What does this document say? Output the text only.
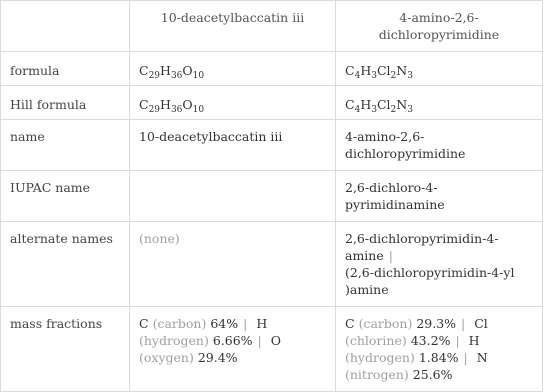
	10-deacetylbaccatin iii	4-amino-2,6-dichloropyrimidine
formula	$C_{29}H_{36}O_{10}$	$C_4H_3Cl_2N_3$
Hill formula	$C_{29}H_{36}O_{10}$	$C_4H_3Cl_2N_3$
name	10-deacetylbaccatin iii	4-amino-2,6-
dichloropyrimidine
IUPAC name		2,6-dichloro-4-
pyrimidinamine
alternate names	(none)	2,6-dichloropyrimidin-4-
amine |
(2,6-dichloropyrimidin-4-yl
)amine
mass fractions	C (carbon) 64% | H
(hydrogen) 6.66% | O
(oxygen) 29.4%	C (carbon) 29.3% | Cl
(chlorine) 43.2% | H
(hydrogen) 1.84% | N
(nitrogen) 25.6%
